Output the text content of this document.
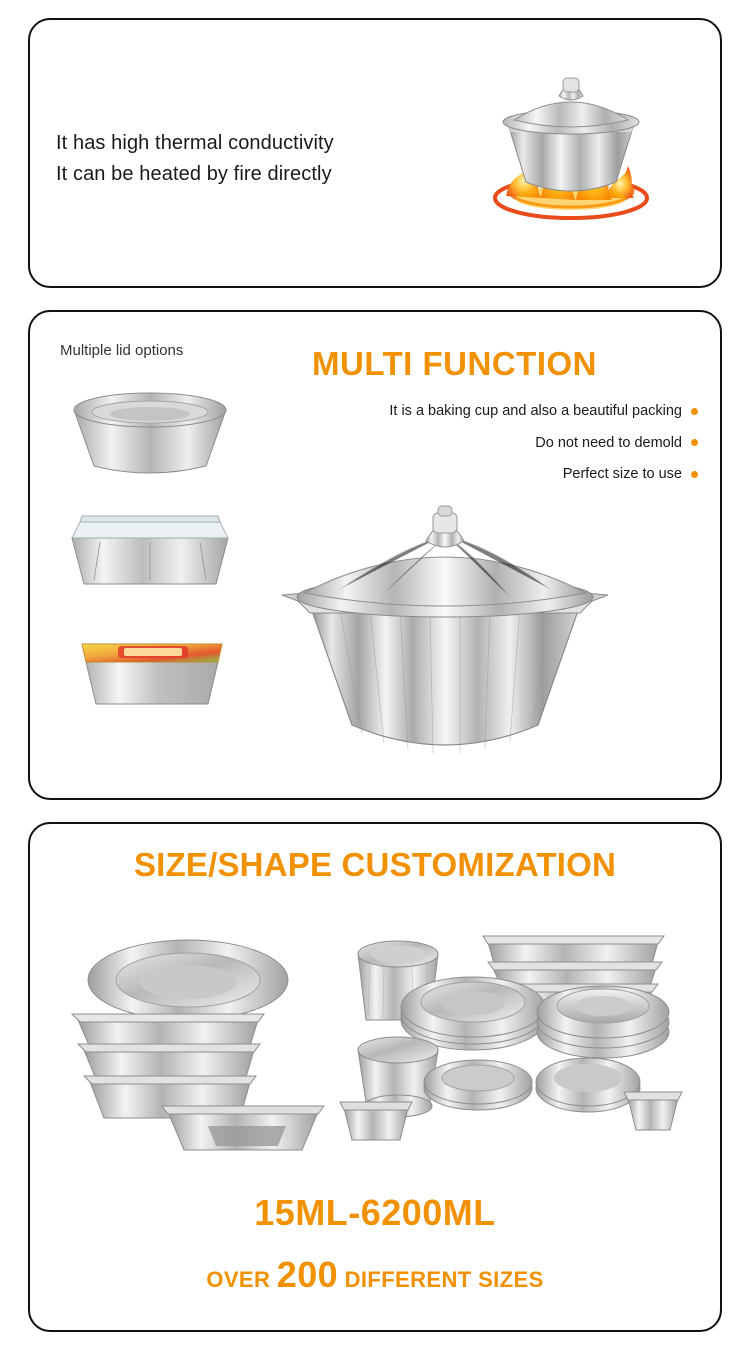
It has high thermal conductivity
It can be heated by fire directly
Multiple lid options	MULTI FUNCTION
It is a baking cup and also a beautiful packing
Do not need to demold
Perfect size to use
SIZE/SHAPE CUSTOMIZATION
15ML-6200ML
OVER 200 DIFFERENT SIZES
